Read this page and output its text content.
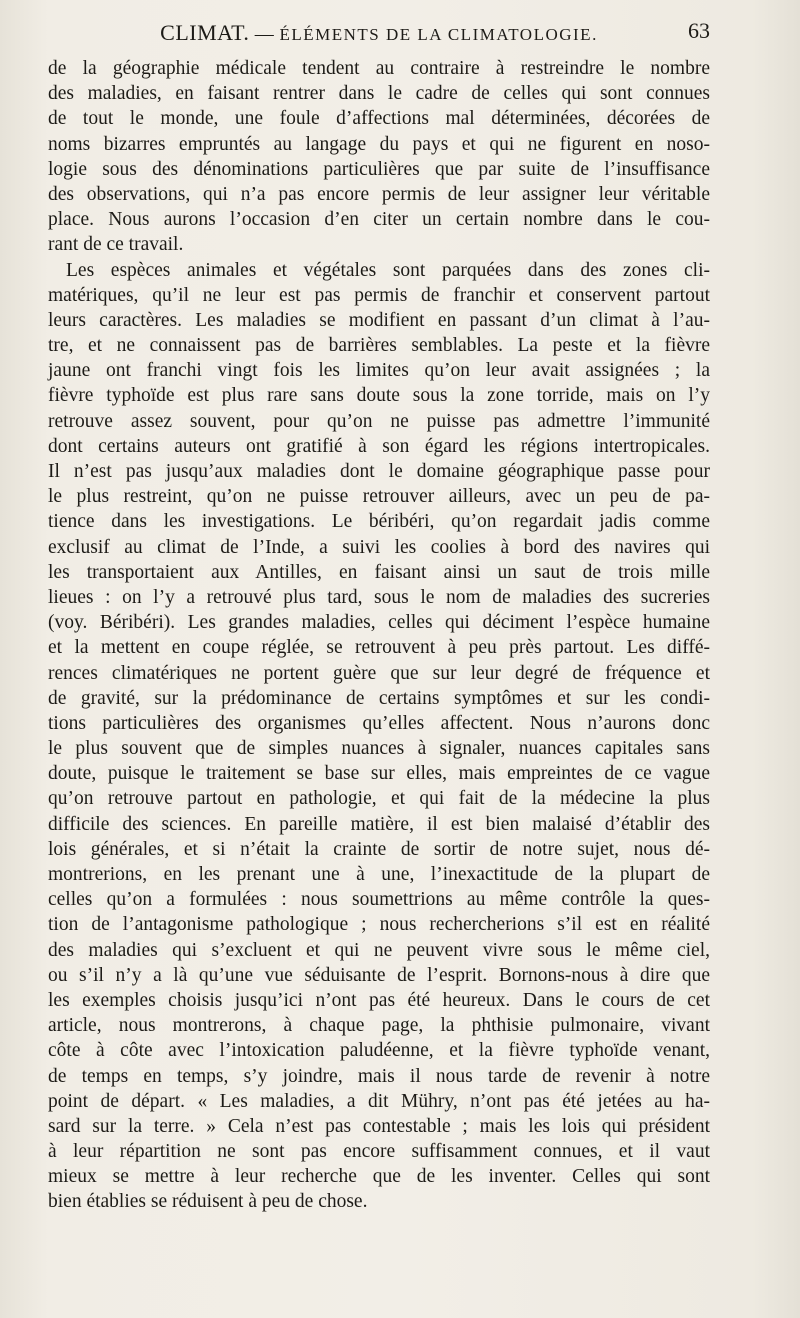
CLIMAT. — ÉLÉMENTS DE LA CLIMATOLOGIE.	63
de la géographie médicale tendent au contraire à restreindre le nombre
des maladies, en faisant rentrer dans le cadre de celles qui sont connues
de tout le monde, une foule d’affections mal déterminées, décorées de
noms bizarres empruntés au langage du pays et qui ne figurent en noso-
logie sous des dénominations particulières que par suite de l’insuffisance
des observations, qui n’a pas encore permis de leur assigner leur véritable
place. Nous aurons l’occasion d’en citer un certain nombre dans le cou-
rant de ce travail.
Les espèces animales et végétales sont parquées dans des zones cli-
matériques, qu’il ne leur est pas permis de franchir et conservent partout
leurs caractères. Les maladies se modifient en passant d’un climat à l’au-
tre, et ne connaissent pas de barrières semblables. La peste et la fièvre
jaune ont franchi vingt fois les limites qu’on leur avait assignées ; la
fièvre typhoïde est plus rare sans doute sous la zone torride, mais on l’y
retrouve assez souvent, pour qu’on ne puisse pas admettre l’immunité
dont certains auteurs ont gratifié à son égard les régions intertropicales.
Il n’est pas jusqu’aux maladies dont le domaine géographique passe pour
le plus restreint, qu’on ne puisse retrouver ailleurs, avec un peu de pa-
tience dans les investigations. Le béribéri, qu’on regardait jadis comme
exclusif au climat de l’Inde, a suivi les coolies à bord des navires qui
les transportaient aux Antilles, en faisant ainsi un saut de trois mille
lieues : on l’y a retrouvé plus tard, sous le nom de maladies des sucreries
(voy. Béribéri). Les grandes maladies, celles qui déciment l’espèce humaine
et la mettent en coupe réglée, se retrouvent à peu près partout. Les diffé-
rences climatériques ne portent guère que sur leur degré de fréquence et
de gravité, sur la prédominance de certains symptômes et sur les condi-
tions particulières des organismes qu’elles affectent. Nous n’aurons donc
le plus souvent que de simples nuances à signaler, nuances capitales sans
doute, puisque le traitement se base sur elles, mais empreintes de ce vague
qu’on retrouve partout en pathologie, et qui fait de la médecine la plus
difficile des sciences. En pareille matière, il est bien malaisé d’établir des
lois générales, et si n’était la crainte de sortir de notre sujet, nous dé-
montrerions, en les prenant une à une, l’inexactitude de la plupart de
celles qu’on a formulées : nous soumettrions au même contrôle la ques-
tion de l’antagonisme pathologique ; nous rechercherions s’il est en réalité
des maladies qui s’excluent et qui ne peuvent vivre sous le même ciel,
ou s’il n’y a là qu’une vue séduisante de l’esprit. Bornons-nous à dire que
les exemples choisis jusqu’ici n’ont pas été heureux. Dans le cours de cet
article, nous montrerons, à chaque page, la phthisie pulmonaire, vivant
côte à côte avec l’intoxication paludéenne, et la fièvre typhoïde venant,
de temps en temps, s’y joindre, mais il nous tarde de revenir à notre
point de départ. « Les maladies, a dit Mühry, n’ont pas été jetées au ha-
sard sur la terre. » Cela n’est pas contestable ; mais les lois qui président
à leur répartition ne sont pas encore suffisamment connues, et il vaut
mieux se mettre à leur recherche que de les inventer. Celles qui sont
bien établies se réduisent à peu de chose.
